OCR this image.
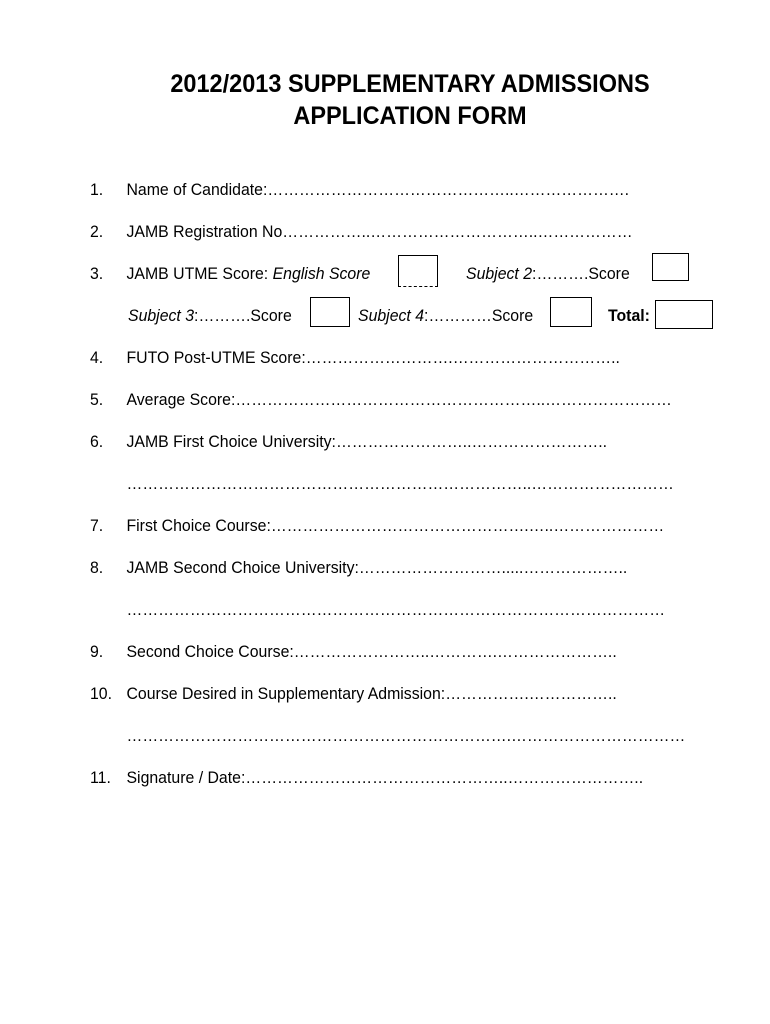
2012/2013 SUPPLEMENTARY ADMISSIONS
APPLICATION FORM
1. Name of Candidate:………………………………………..………………….
2. JAMB Registration No……………..…………………………..………………
3. JAMB UTME Score: English Score	Subject 2:……….Score
Subject 3:……….Score	Subject 4:…………Score	Total:
4. FUTO Post-UTME Score:……………………….…………………………..
5. Average Score:…………………………………………………..……………………
6. JAMB First Choice University:……………………..……………………..
…………………………………………………………………..………………………
7. First Choice Course:………………………………………….…..…………………
8. JAMB Second Choice University:……………………….....………………..
…………………………………………………………………………………………
9. Second Choice Course:……………………..………….…………………..
10. Course Desired in Supplementary Admission:…………….……………..
……………………………………………………………….……………………………
11. Signature / Date:…………………………………………..……………………..
